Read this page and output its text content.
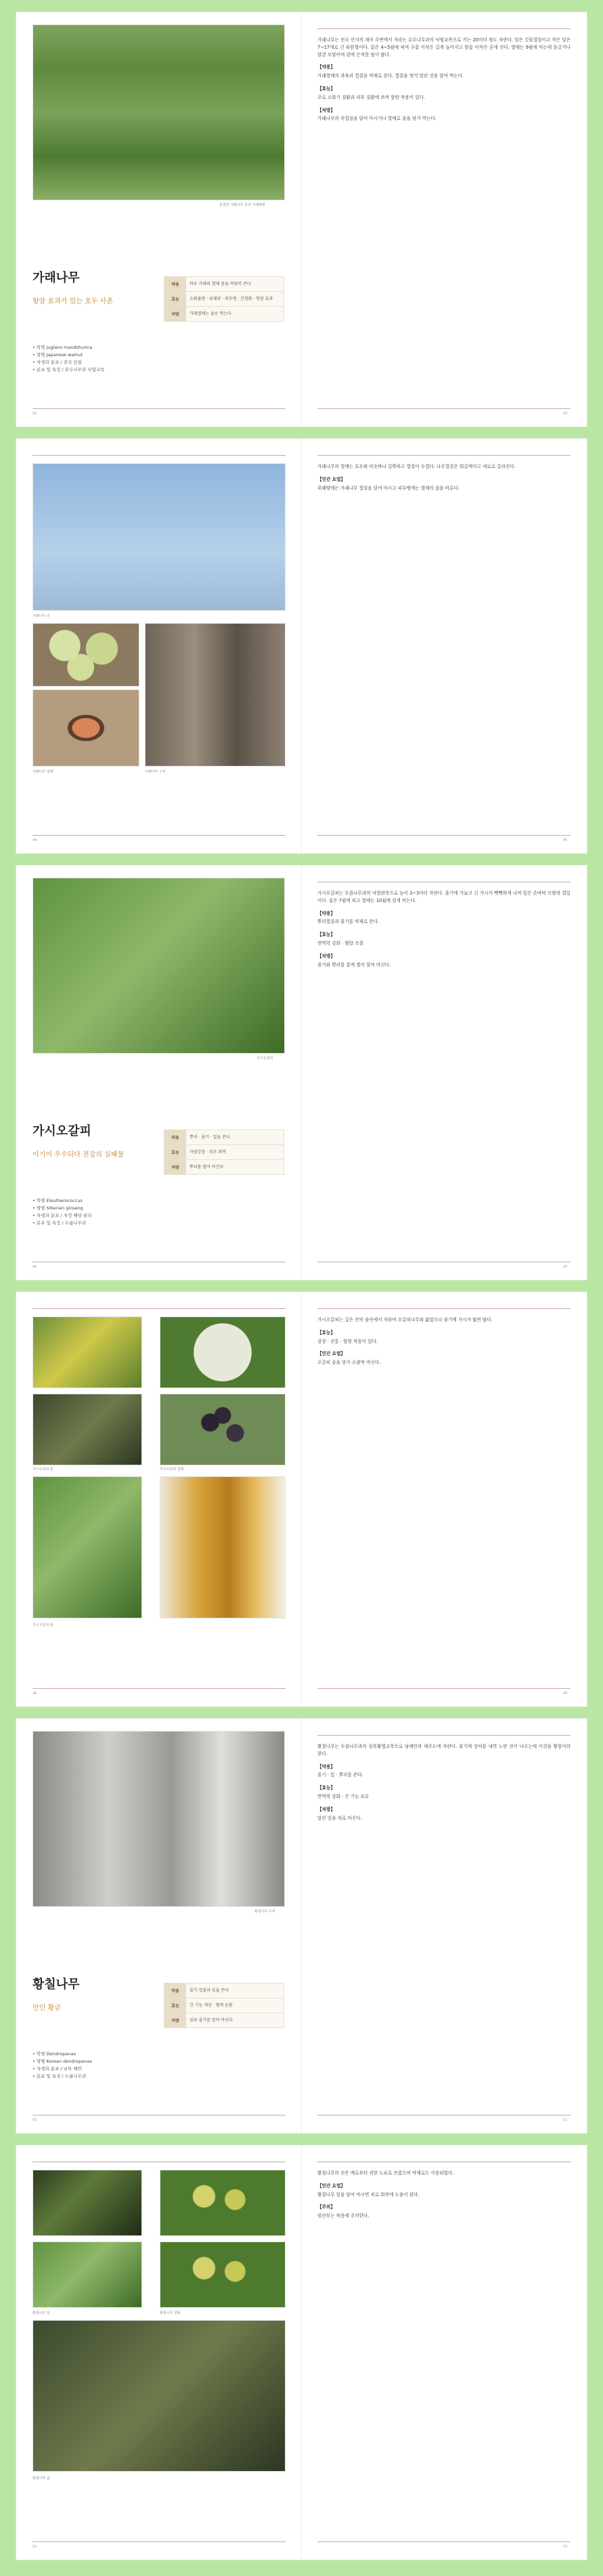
울창한 가래나무 잎과 가래열매
가래나무
항암 효과가 있는 호두 사촌
• 학명 Juglans mandshurica
• 영명 Japanese walnut
• 자생과 분포 / 전국 산림
• 분포 및 특징 / 호두나무과 낙엽교목
약용	하루 가래의 열매 즙을 적당히 쓴다
효능	소화불량 · 위궤양 · 피부병 · 간경화 · 항암 효과
처방	가래열매는 술로 먹는다
42
가래나무는 전국 산지의 계곡 주변에서 자라는 호두나무과의 낙엽교목으로 키는 20미터 정도 자란다. 잎은 깃꼴겹잎이고 작은 잎은 7~17개로 긴 타원형이다. 꽃은 4~5월에 피며 수꽃 이삭은 길게 늘어지고 암꽃 이삭은 곧게 선다. 열매는 9월에 익는데 둥글거나 달걀 모양이며 겉에 끈적한 털이 많다.
【약용】
가래열매의 과육과 껍질을 약재로 쓴다. 껍질을 벗겨 말린 것을 달여 먹는다.
【효능】
주로 소화기 질환과 피부 질환에 쓰며 항암 작용이 있다.
【처방】
가래나무의 속껍질을 달여 마시거나 열매로 술을 담가 먹는다.
43
가래나무 잎
가래나무 열매	가래나무 수피
44
가래나무의 열매는 호두와 비슷하나 길쭉하고 껍질이 두껍다. 나무껍질은 회갈색이고 세로로 갈라진다.
【민간 요법】
위궤양에는 가래나무 껍질을 달여 마시고 피부병에는 열매의 즙을 바른다.
45
가시오갈피
가시오갈피
이기이 우수되다 전강의 실패물
• 학명 Eleutherococcus
• 영명 Siberian ginseng
• 자생과 분포 / 지정 해당 된다
• 분포 및 특징 / 두릅나무과
약용	뿌리 · 줄기 · 잎을 쓴다
효능	자양강장 · 피로 회복
처방	뿌리를 달여 마신다
46
가시오갈피는 두릅나무과의 낙엽관목으로 높이 2~3미터 자란다. 줄기에 가늘고 긴 가시가 빽빽하게 나며 잎은 손바닥 모양의 겹잎이다. 꽃은 7월에 피고 열매는 10월에 검게 익는다.
【약용】
뿌리껍질과 줄기를 약재로 쓴다.
【효능】
면역력 강화 · 혈압 조절
【처방】
줄기와 뿌리를 잘게 썰어 달여 마신다.
47
가시오갈피 꽃	가시오갈피 열매
가시오갈피 술
48
가시오갈피는 깊은 산의 숲속에서 자라며 오갈피나무와 닮았으나 줄기에 가시가 훨씬 많다.
【효능】
강장 · 진통 · 항염 작용이 있다.
【민간 요법】
오갈피 술을 담가 소량씩 마신다.
49
황칠나무 수피
황칠나무
만인 황금
• 학명 Dendropanax
• 영명 Korean dendropanax
• 자생과 분포 / 남부 해안
• 분포 및 특징 / 두릅나무과
약용	줄기 껍질과 잎을 쓴다
효능	간 기능 개선 · 혈액 순환
처방	잎과 줄기를 달여 마신다
50
황칠나무는 두릅나무과의 상록활엽교목으로 남해안과 제주도에 자란다. 줄기에 상처를 내면 노란 진이 나오는데 이것을 황칠이라 한다.
【약용】
줄기 · 잎 · 뿌리를 쓴다.
【효능】
면역력 강화 · 간 기능 보호
【처방】
말린 잎을 차로 마신다.
51
황칠나무 잎	황칠나무 열매
황칠나무 숲
52
황칠나무의 진은 예로부터 귀한 도료로 쓰였으며 약재로도 이용되었다.
【민간 요법】
황칠나무 잎을 달여 마시면 피로 회복에 도움이 된다.
【주의】
임산부는 복용에 주의한다.
53
